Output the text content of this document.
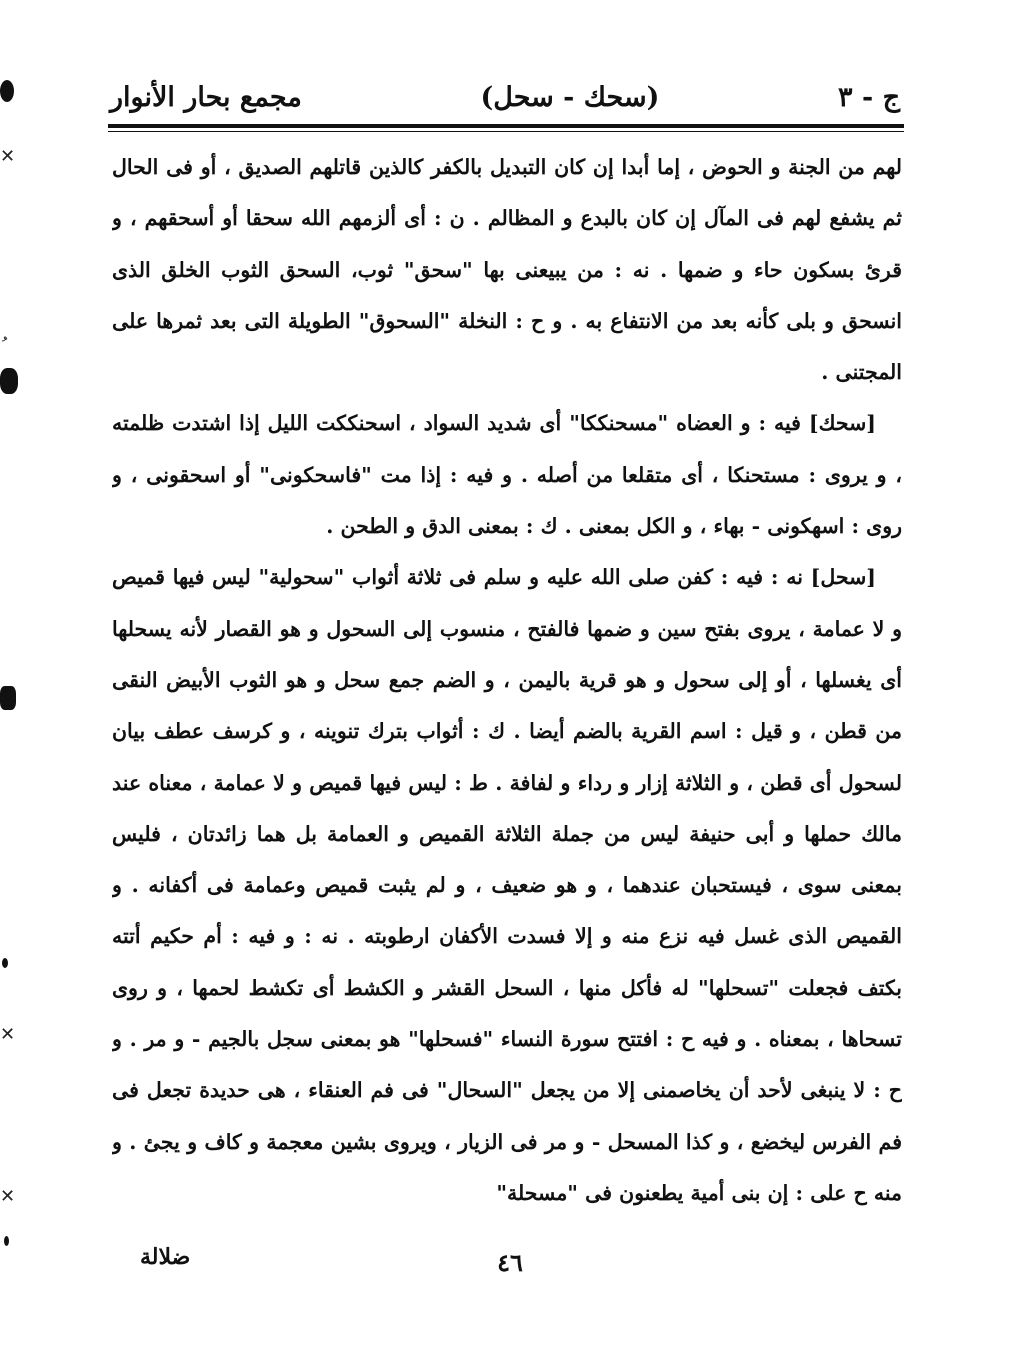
✕
ﹸ
✕
✕
ج - ٣
(سحك - سحل)
مجمع بحار الأنوار

لهم من الجنة و الحوض ، إما أبدا إن كان التبديل بالكفر كالذين قاتلهم الصديق ، أو فى الحال ثم يشفع لهم فى المآل إن كان بالبدع و المظالم . ن : أى ألزمهم الله سحقا أو أسحقهم ، و قرئ بسكون حاء و ضمها . نه : من يبيعنى بها "سحق" ثوب، السحق الثوب الخلق الذى انسحق و بلى كأنه بعد من الانتفاع به . و ح : النخلة "السحوق" الطويلة التى بعد ثمرها على المجتنى .

[سحك] فيه : و العضاه "مسحنككا" أى شديد السواد ، اسحنككت الليل إذا اشتدت ظلمته ، و يروى : مستحنكا ، أى متقلعا من أصله . و فيه : إذا مت "فاسحكونى" أو اسحقونى ، و روى : اسهكونى - بهاء ، و الكل بمعنى . ك : بمعنى الدق و الطحن .

[سحل] نه : فيه : كفن صلى الله عليه و سلم فى ثلاثة أثواب "سحولية" ليس فيها قميص و لا عمامة ، يروى بفتح سين و ضمها فالفتح ، منسوب إلى السحول و هو القصار لأنه يسحلها أى يغسلها ، أو إلى سحول و هو قرية باليمن ، و الضم جمع سحل و هو الثوب الأبيض النقى من قطن ، و قيل : اسم القرية بالضم أيضا . ك : أثواب بترك تنوينه ، و كرسف عطف بيان لسحول أى قطن ، و الثلاثة إزار و رداء و لفافة . ط : ليس فيها قميص و لا عمامة ، معناه عند مالك حملها و أبى حنيفة ليس من جملة الثلاثة القميص و العمامة بل هما زائدتان ، فليس بمعنى سوى ، فيستحبان عندهما ، و هو ضعيف ، و لم يثبت قميص وعمامة فى أكفانه . و القميص الذى غسل فيه نزع منه و إلا فسدت الأكفان ارطوبته . نه : و فيه : أم حكيم أتته بكتف فجعلت "تسحلها" له فأكل منها ، السحل القشر و الكشط أى تكشط لحمها ، و روى تسحاها ، بمعناه . و فيه ح : افتتح سورة النساء "فسحلها" هو بمعنى سجل بالجيم - و مر . و ح : لا ينبغى لأحد أن يخاصمنى إلا من يجعل "السحال" فى فم العنقاء ، هى حديدة تجعل فى فم الفرس ليخضع ، و كذا المسحل - و مر فى الزيار ، ويروى بشين معجمة و كاف و يجئ . و منه ح على : إن بنى أمية يطعنون فى "مسحلة"

٤٦
ضلالة
